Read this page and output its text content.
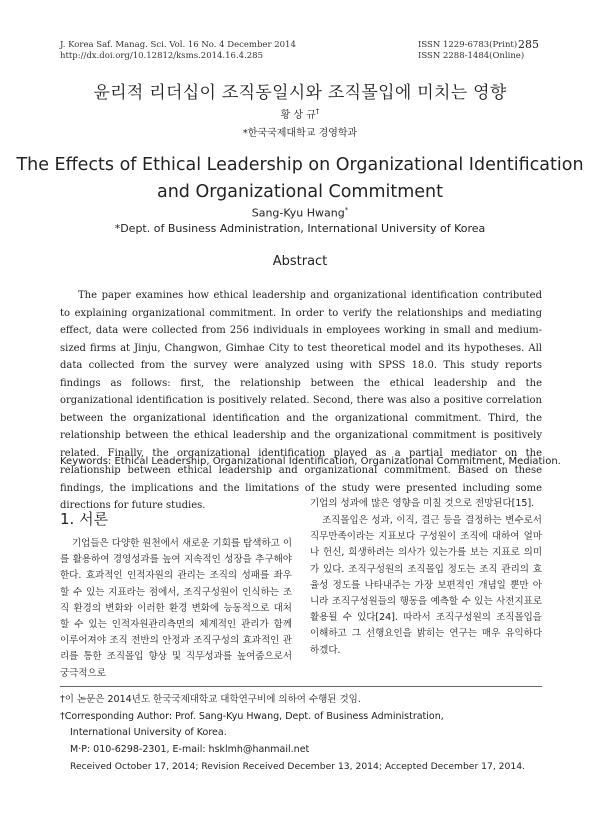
J. Korea Saf. Manag. Sci. Vol. 16 No. 4 December 2014
http://dx.doi.org/10.12812/ksms.2014.16.4.285
ISSN 1229-6783(Print)
ISSN 2288-1484(Online)
285
윤리적 리더십이 조직동일시와 조직몰입에 미치는 영향
황 상 규†
*한국국제대학교 경영학과
The Effects of Ethical Leadership on Organizational Identification
and Organizational Commitment
Sang-Kyu Hwang*
*Dept. of Business Administration, International University of Korea
Abstract
The paper examines how ethical leadership and organizational identification contributed to explaining organizational commitment. In order to verify the relationships and mediating effect, data were collected from 256 individuals in employees working in small and medium-sized firms at Jinju, Changwon, Gimhae City to test theoretical model and its hypotheses. All data collected from the survey were analyzed using with SPSS 18.0. This study reports findings as follows: first, the relationship between the ethical leadership and the organizational identification is positively related. Second, there was also a positive correlation between the organizational identification and the organizational commitment. Third, the relationship between the ethical leadership and the organizational commitment is positively related. Finally, the organizational identification played as a partial mediator on the relationship between ethical leadership and organizational commitment. Based on these findings, the implications and the limitations of the study were presented including some directions for future studies.
Keywords: Ethical Leadership, Organizational Identification, Organizational Commitment, Mediation.
1. 서론
기업들은 다양한 원천에서 새로운 기회를 탐색하고 이를 활용하여 경영성과를 높여 지속적인 성장을 추구해야 한다. 효과적인 인적자원의 관리는 조직의 성패를 좌우할 수 있는 지표라는 점에서, 조직구성원이 인식하는 조직 환경의 변화와 이러한 환경 변화에 능동적으로 대처할 수 있는 인적자원관리측면의 체계적인 관리가 함께 이루어져야 조직 전반의 안정과 조직구성의 효과적인 관리를 통한 조직몰입 향상 및 직무성과를 높여줌으로서 궁극적으로
기업의 성과에 많은 영향을 미칠 것으로 전망된다[15].
조직몰입은 성과, 이직, 결근 등을 결정하는 변수로서 직무만족이라는 지표보다 구성원이 조직에 대하여 얼마나 헌신, 희생하려는 의사가 있는가를 보는 지표로 의미가 있다. 조직구성원의 조직몰입 정도는 조직 관리의 효율성 정도를 나타내주는 가장 보편적인 개념일 뿐만 아니라 조직구성원들의 행동을 예측할 수 있는 사전지표로 활용될 수 있다[24]. 따라서 조직구성원의 조직몰입을 이해하고 그 선행요인을 밝히는 연구는 매우 유익하다 하겠다.
†이 논문은 2014년도 한국국제대학교 대학연구비에 의하여 수행된 것임.
†Corresponding Author: Prof. Sang-Kyu Hwang, Dept. of Business Administration,
International University of Korea.
M·P: 010-6298-2301, E-mail: hsklmh@hanmail.net
Received October 17, 2014; Revision Received December 13, 2014; Accepted December 17, 2014.
